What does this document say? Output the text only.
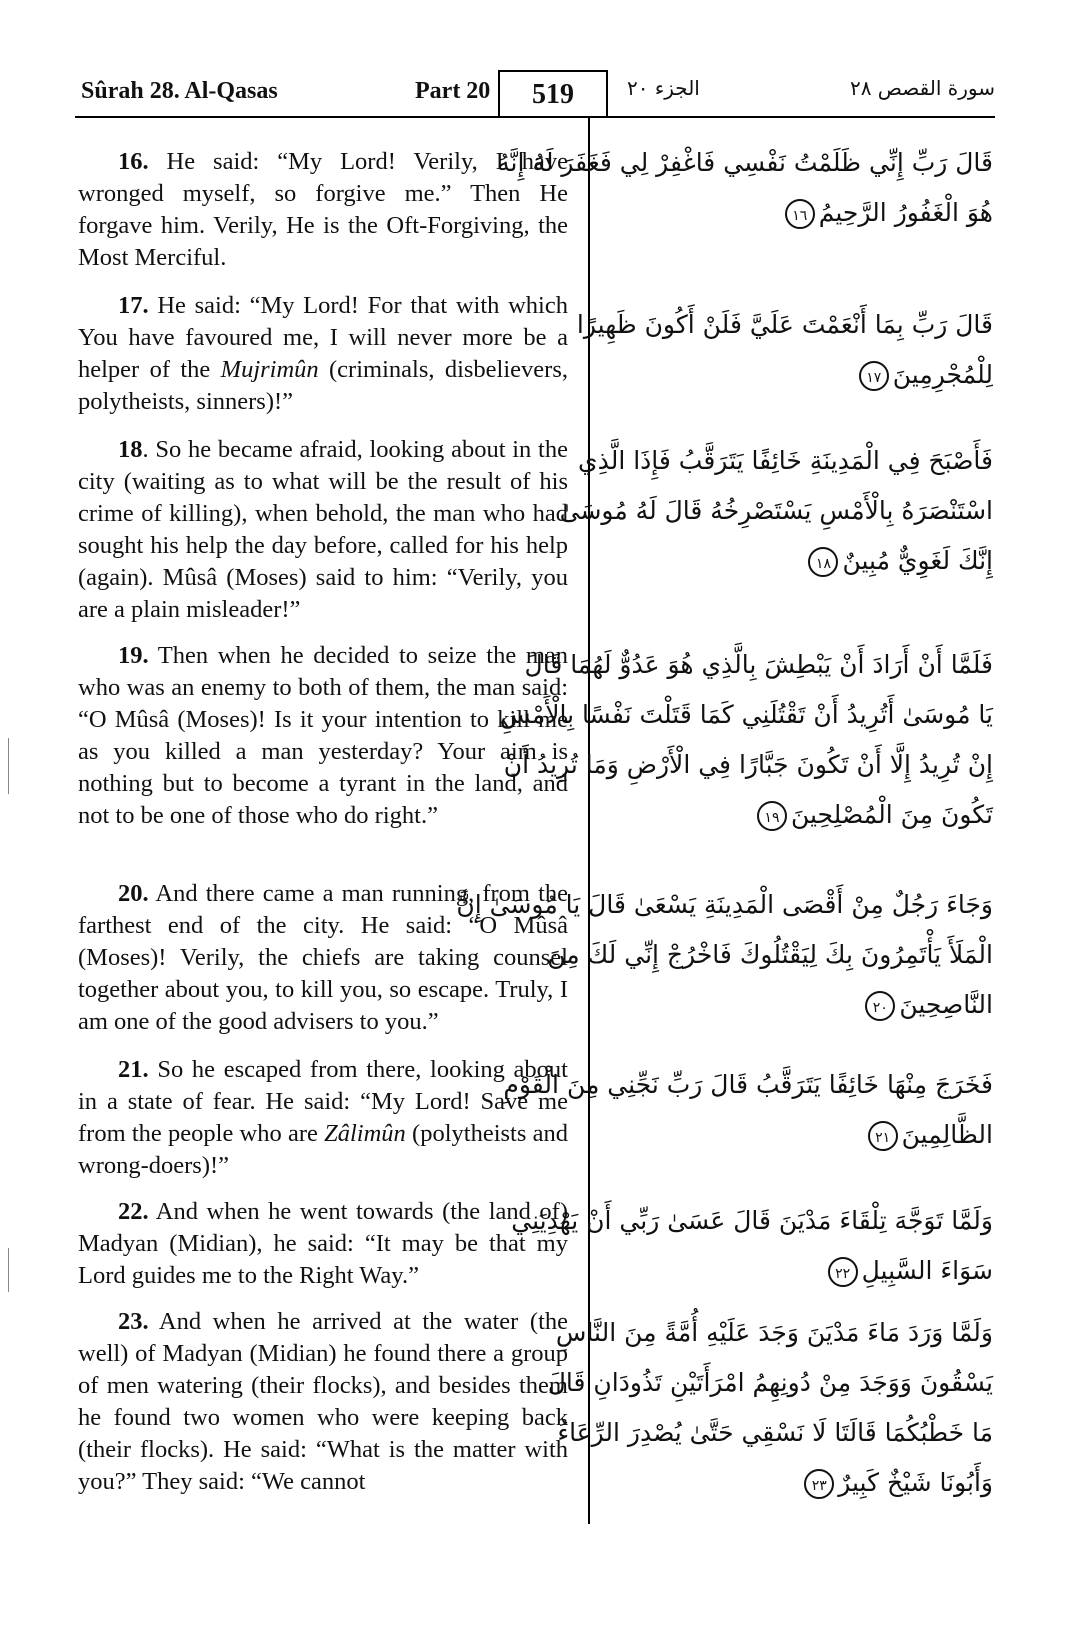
Sûrah 28. Al-Qasas	Part 20	519	الجزء ٢٠	سورة القصص ٢٨

16. He said: “My Lord! Verily, I have wronged myself, so forgive me.” Then He forgave him. Verily, He is the Oft-Forgiving, the Most Merciful.

17. He said: “My Lord! For that with which You have favoured me, I will never more be a helper of the Mujrimûn (criminals, disbelievers, polytheists, sinners)!”

18. So he became afraid, looking about in the city (waiting as to what will be the result of his crime of killing), when behold, the man who had sought his help the day before, called for his help (again). Mûsâ (Moses) said to him: “Verily, you are a plain misleader!”

19. Then when he decided to seize the man who was an enemy to both of them, the man said: “O Mûsâ (Moses)! Is it your intention to kill me as you killed a man yesterday? Your aim is nothing but to become a tyrant in the land, and not to be one of those who do right.”

20. And there came a man running, from the farthest end of the city. He said: “O Mûsâ (Moses)! Verily, the chiefs are taking counsel together about you, to kill you, so escape. Truly, I am one of the good advisers to you.”

21. So he escaped from there, looking about in a state of fear. He said: “My Lord! Save me from the people who are Zâlimûn (polytheists and wrong-doers)!”

22. And when he went towards (the land of) Madyan (Midian), he said: “It may be that my Lord guides me to the Right Way.”

23. And when he arrived at the water (the well) of Madyan (Midian) he found there a group of men watering (their flocks), and besides them he found two women who were keeping back (their flocks). He said: “What is the matter with you?” They said: “We cannot

قَالَ رَبِّ إِنِّي ظَلَمْتُ نَفْسِي فَاغْفِرْ لِي فَغَفَرَ لَهُ إِنَّهُ
هُوَ الْغَفُورُ الرَّحِيمُ١٦
قَالَ رَبِّ بِمَا أَنْعَمْتَ عَلَيَّ فَلَنْ أَكُونَ ظَهِيرًا
لِلْمُجْرِمِينَ١٧
فَأَصْبَحَ فِي الْمَدِينَةِ خَائِفًا يَتَرَقَّبُ فَإِذَا الَّذِي
اسْتَنْصَرَهُ بِالْأَمْسِ يَسْتَصْرِخُهُ قَالَ لَهُ مُوسَىٰ
إِنَّكَ لَغَوِيٌّ مُبِينٌ١٨
فَلَمَّا أَنْ أَرَادَ أَنْ يَبْطِشَ بِالَّذِي هُوَ عَدُوٌّ لَهُمَا قَالَ
يَا مُوسَىٰ أَتُرِيدُ أَنْ تَقْتُلَنِي كَمَا قَتَلْتَ نَفْسًا بِالْأَمْسِ
إِنْ تُرِيدُ إِلَّا أَنْ تَكُونَ جَبَّارًا فِي الْأَرْضِ وَمَا تُرِيدُ أَنْ
تَكُونَ مِنَ الْمُصْلِحِينَ١٩
وَجَاءَ رَجُلٌ مِنْ أَقْصَى الْمَدِينَةِ يَسْعَىٰ قَالَ يَا مُوسَىٰ إِنَّ
الْمَلَأَ يَأْتَمِرُونَ بِكَ لِيَقْتُلُوكَ فَاخْرُجْ إِنِّي لَكَ مِنَ
النَّاصِحِينَ٢٠
فَخَرَجَ مِنْهَا خَائِفًا يَتَرَقَّبُ قَالَ رَبِّ نَجِّنِي مِنَ الْقَوْمِ
الظَّالِمِينَ٢١
وَلَمَّا تَوَجَّهَ تِلْقَاءَ مَدْيَنَ قَالَ عَسَىٰ رَبِّي أَنْ يَهْدِيَنِي
سَوَاءَ السَّبِيلِ٢٢
وَلَمَّا وَرَدَ مَاءَ مَدْيَنَ وَجَدَ عَلَيْهِ أُمَّةً مِنَ النَّاسِ
يَسْقُونَ وَوَجَدَ مِنْ دُونِهِمُ امْرَأَتَيْنِ تَذُودَانِ قَالَ
مَا خَطْبُكُمَا قَالَتَا لَا نَسْقِي حَتَّىٰ يُصْدِرَ الرِّعَاءُ
وَأَبُونَا شَيْخٌ كَبِيرٌ٢٣
